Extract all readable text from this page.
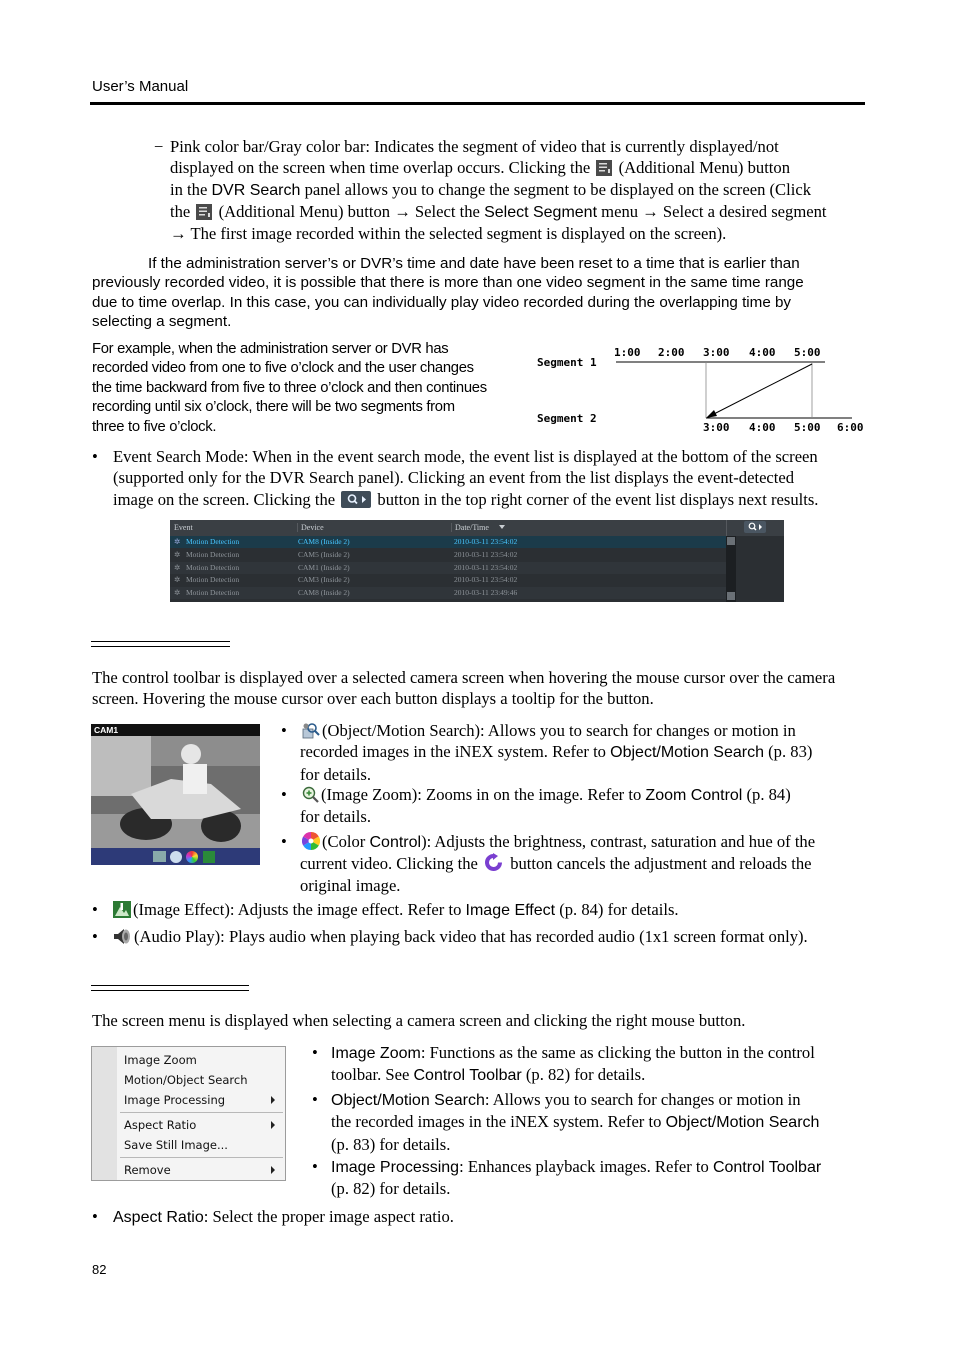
User’s Manual
− Pink color bar/Gray color bar: Indicates the segment of video that is currently displayed/not
displayed on the screen when time overlap occurs. Clicking the (Additional Menu) button
in the DVR Search panel allows you to change the segment to be displayed on the screen (Click
the (Additional Menu) button → Select the Select Segment menu → Select a desired segment
→ The first image recorded within the selected segment is displayed on the screen).
If the administration server’s or DVR’s time and date have been reset to a time that is earlier than
previously recorded video, it is possible that there is more than one video segment in the same time range
due to time overlap. In this case, you can individually play video recorded during the overlapping time by
selecting a segment.
For example, when the administration server or DVR has
recorded video from one to five o’clock and the user changes
the time backward from five to three o’clock and then continues
recording until six o’clock, there will be two segments from
three to five o’clock.
Segment 1
Segment 2
1:00 2:00 3:00 4:00 5:00
3:00 4:00 5:00 6:00
• Event Search Mode: When in the event search mode, the event list is displayed at the bottom of the screen
(supported only for the DVR Search panel). Clicking an event from the list displays the event-detected
image on the screen. Clicking the	button in the top right corner of the event list displays next results.
Event	Device	Date/Time
✲ Motion Detection	CAM8 (Inside 2)	2010-03-11 23:54:02
✲ Motion Detection	CAM5 (Inside 2)	2010-03-11 23:54:02
✲ Motion Detection	CAM1 (Inside 2)	2010-03-11 23:54:02
✲ Motion Detection	CAM3 (Inside 2)	2010-03-11 23:54:02
✲ Motion Detection	CAM8 (Inside 2)	2010-03-11 23:49:46
The control toolbar is displayed over a selected camera screen when hovering the mouse cursor over the camera
screen. Hovering the mouse cursor over each button displays a tooltip for the button.
CAM1	•	(Object/Motion Search): Allows you to search for changes or motion in
recorded images in the iNEX system. Refer to Object/Motion Search (p. 83)
for details.
•	(Image Zoom): Zooms in on the image. Refer to Zoom Control (p. 84)
for details.
•	(Color Control): Adjusts the brightness, contrast, saturation and hue of the
current video. Clicking the button cancels the adjustment and reloads the
original image.
•	(Image Effect): Adjusts the image effect. Refer to Image Effect (p. 84) for details.
•	(Audio Play): Plays audio when playing back video that has recorded audio (1x1 screen format only).
The screen menu is displayed when selecting a camera screen and clicking the right mouse button.
Image Zoom
Motion/Object Search
Image Processing
Aspect Ratio
Save Still Image...
Remove
• Image Zoom: Functions as the same as clicking the button in the control
toolbar. See Control Toolbar (p. 82) for details.
• Object/Motion Search: Allows you to search for changes or motion in
the recorded images in the iNEX system. Refer to Object/Motion Search
(p. 83) for details.
• Image Processing: Enhances playback images. Refer to Control Toolbar
(p. 82) for details.
• Aspect Ratio: Select the proper image aspect ratio.
82
